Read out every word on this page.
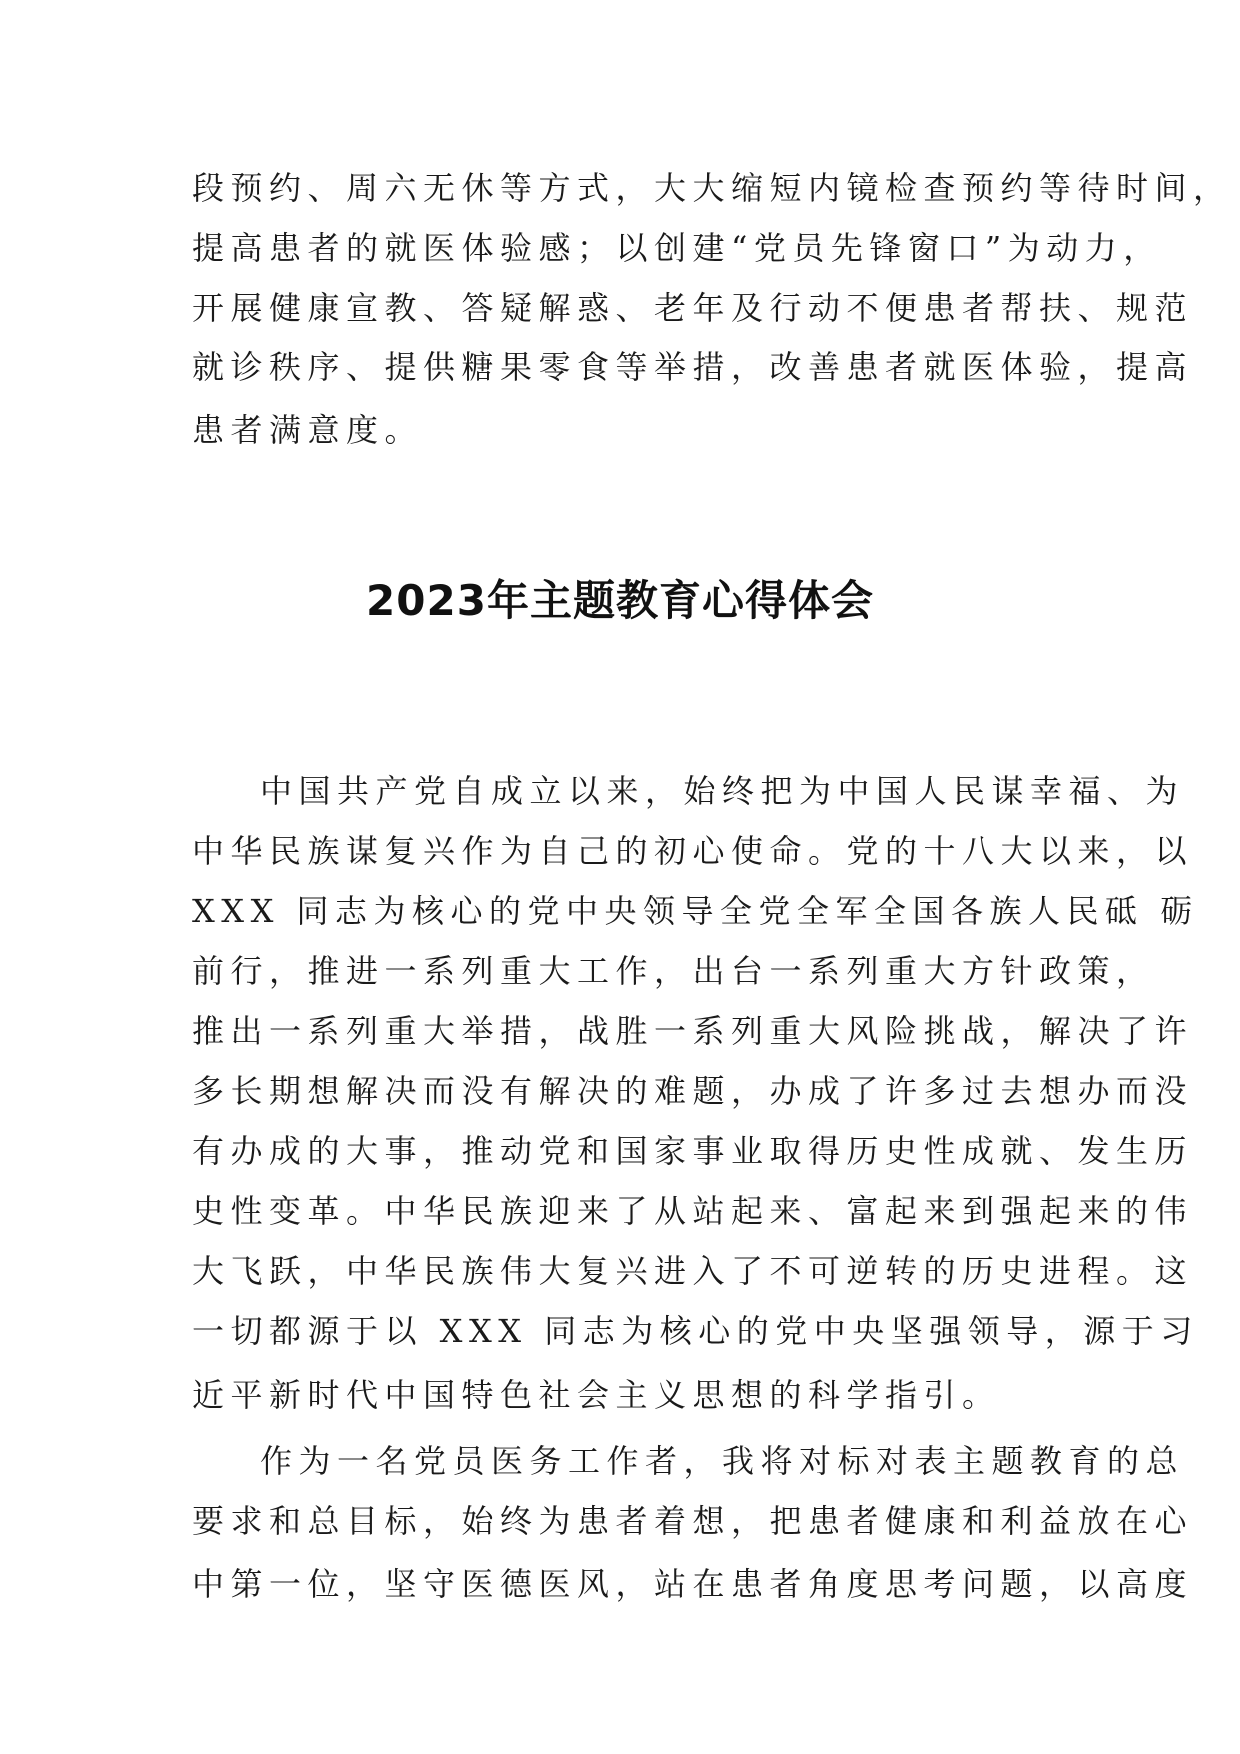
段预约、周六无休等方式，大大缩短内镜检查预约等待时间，

提高患者的就医体验感；以创建“党员先锋窗口”为动力，

开展健康宣教、答疑解惑、老年及行动不便患者帮扶、规范

就诊秩序、提供糖果零食等举措，改善患者就医体验，提高

患者满意度。

2023年主题教育心得体会

中国共产党自成立以来，始终把为中国人民谋幸福、为

中华民族谋复兴作为自己的初心使命。党的十八大以来，以

XXX 同志为核心的党中央领导全党全军全国各族人民砥 砺

前行，推进一系列重大工作，出台一系列重大方针政策，

推出一系列重大举措，战胜一系列重大风险挑战，解决了许

多长期想解决而没有解决的难题，办成了许多过去想办而没

有办成的大事，推动党和国家事业取得历史性成就、发生历

史性变革。中华民族迎来了从站起来、富起来到强起来的伟

大飞跃，中华民族伟大复兴进入了不可逆转的历史进程。这

一切都源于以 XXX 同志为核心的党中央坚强领导，源于习

近平新时代中国特色社会主义思想的科学指引。

作为一名党员医务工作者，我将对标对表主题教育的总

要求和总目标，始终为患者着想，把患者健康和利益放在心

中第一位，坚守医德医风，站在患者角度思考问题，以高度
